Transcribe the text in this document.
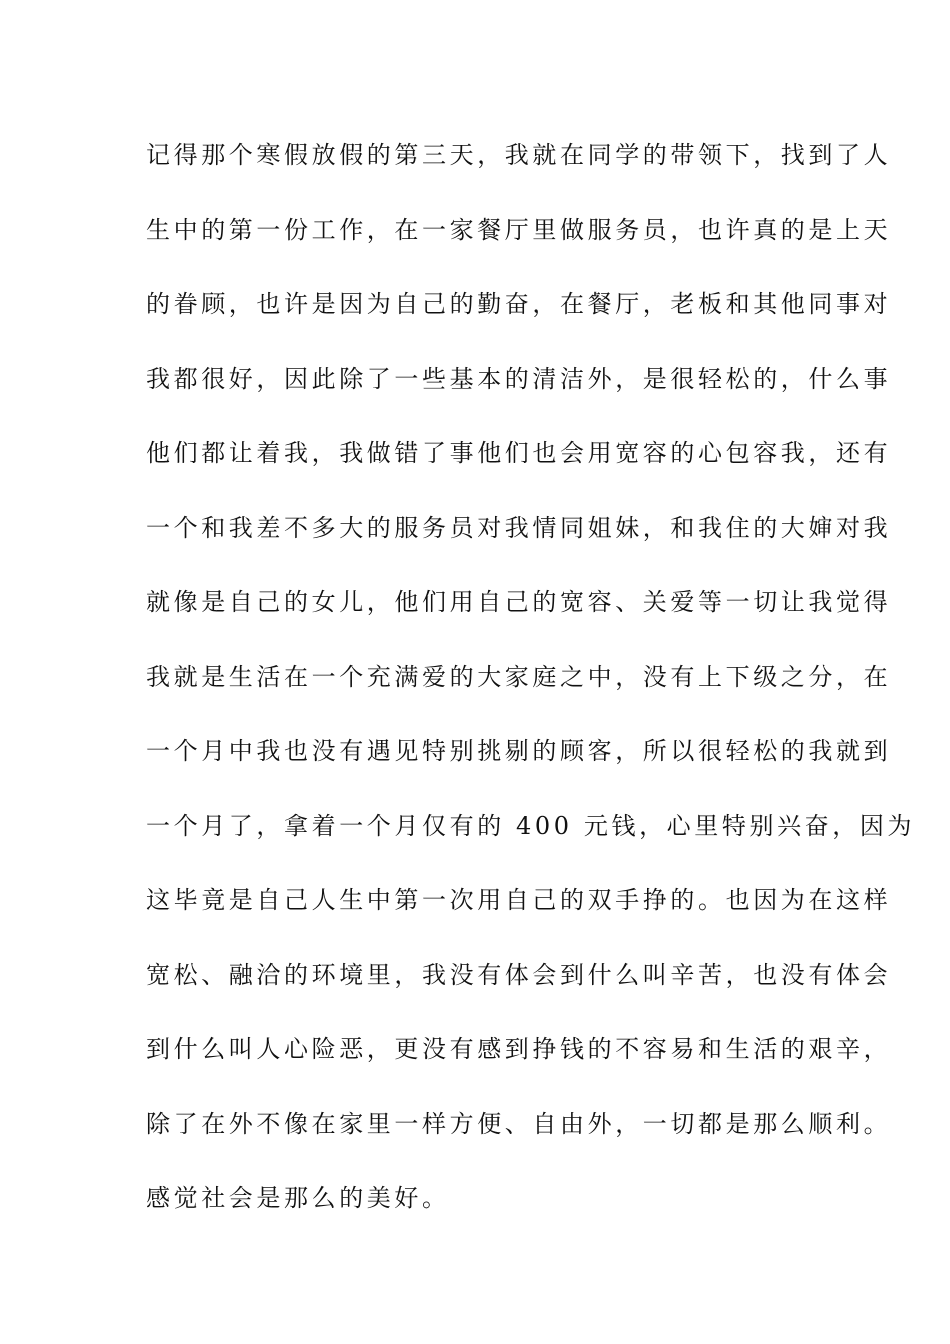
记得那个寒假放假的第三天，我就在同学的带领下，找到了人
生中的第一份工作，在一家餐厅里做服务员，也许真的是上天
的眷顾，也许是因为自己的勤奋，在餐厅，老板和其他同事对
我都很好，因此除了一些基本的清洁外，是很轻松的，什么事
他们都让着我，我做错了事他们也会用宽容的心包容我，还有
一个和我差不多大的服务员对我情同姐妹，和我住的大婶对我
就像是自己的女儿，他们用自己的宽容、关爱等一切让我觉得
我就是生活在一个充满爱的大家庭之中，没有上下级之分，在
一个月中我也没有遇见特别挑剔的顾客，所以很轻松的我就到
一个月了，拿着一个月仅有的 400 元钱，心里特别兴奋，因为
这毕竟是自己人生中第一次用自己的双手挣的。也因为在这样
宽松、融洽的环境里，我没有体会到什么叫辛苦，也没有体会
到什么叫人心险恶，更没有感到挣钱的不容易和生活的艰辛，
除了在外不像在家里一样方便、自由外，一切都是那么顺利。
感觉社会是那么的美好。
